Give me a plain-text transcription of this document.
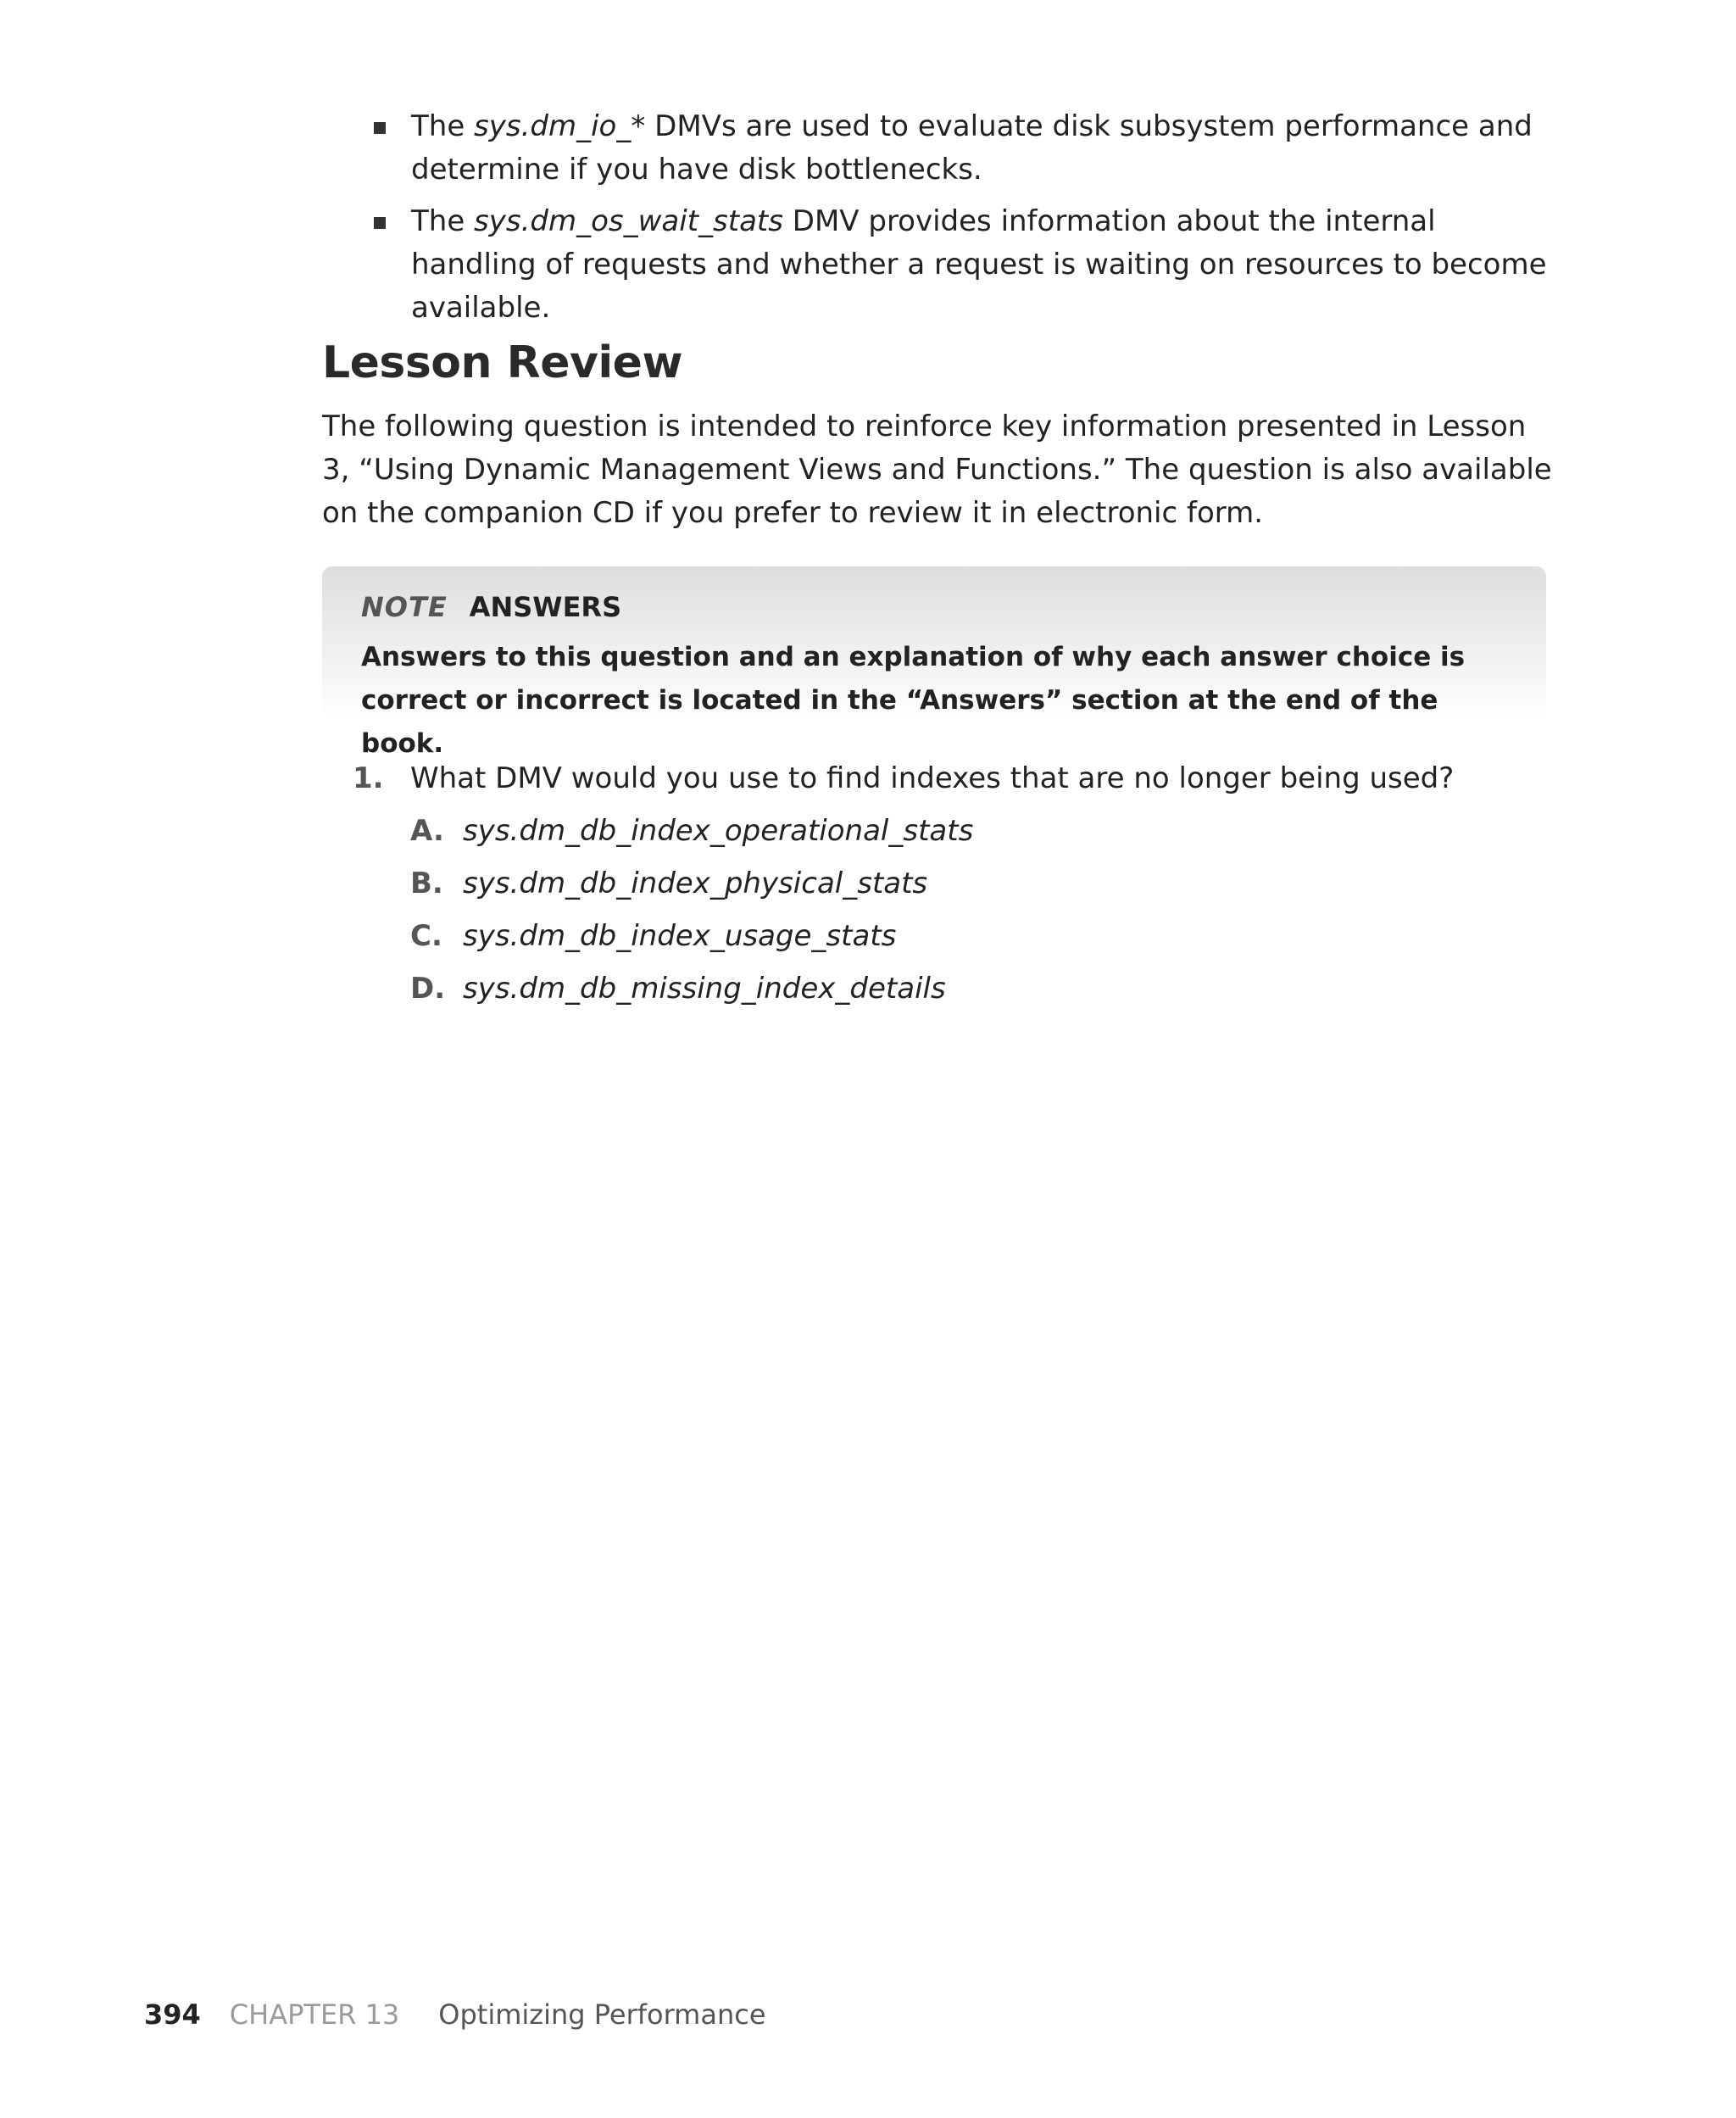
The sys.dm_io_* DMVs are used to evaluate disk subsystem performance and determine if you have disk bottlenecks.
The sys.dm_os_wait_stats DMV provides information about the internal handling of requests and whether a request is waiting on resources to become available.
Lesson Review

The following question is intended to reinforce key information presented in Lesson 3, “Using Dynamic Management Views and Functions.” The question is also available on the companion CD if you prefer to review it in electronic form.

NOTE ANSWERS

Answers to this question and an explanation of why each answer choice is correct or incorrect is located in the “Answers” section at the end of the book.

1. What DMV would you use to find indexes that are no longer being used?
A. sys.dm_db_index_operational_stats
B. sys.dm_db_index_physical_stats
C. sys.dm_db_index_usage_stats
D. sys.dm_db_missing_index_details
394 CHAPTER 13 Optimizing Performance
